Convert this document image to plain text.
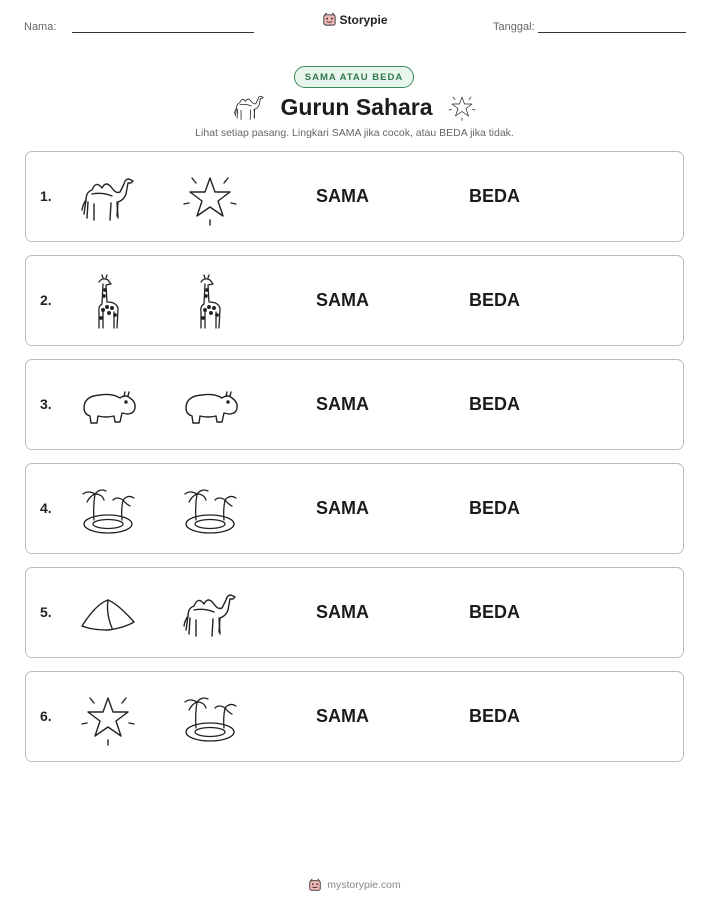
Nama:
Storypie
Tanggal:
SAMA ATAU BEDA
Gurun Sahara
Lihat setiap pasang. Lingkari SAMA jika cocok, atau BEDA jika tidak.
1.	SAMA	BEDA
2.	SAMA	BEDA
3.	SAMA	BEDA
4.	SAMA	BEDA
5.	SAMA	BEDA
6.	SAMA	BEDA
mystorypie.com
